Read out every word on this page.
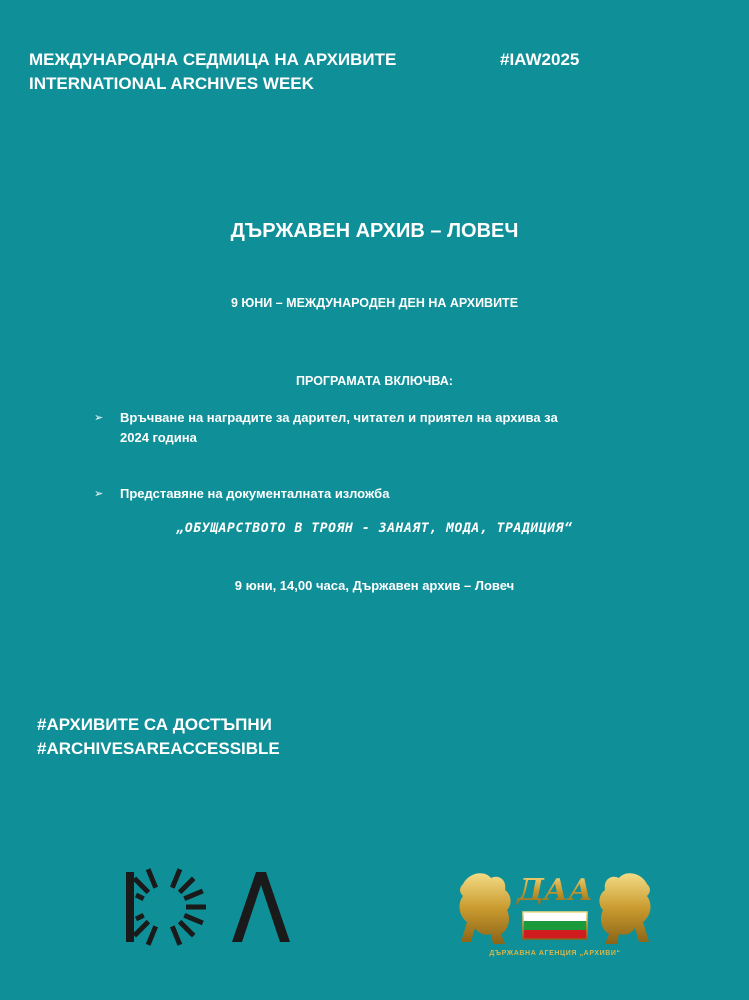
МЕЖДУНАРОДНА СЕДМИЦА НА АРХИВИТЕ
INTERNATIONAL ARCHIVES WEEK
#IAW2025
ДЪРЖАВЕН АРХИВ – ЛОВЕЧ
9 ЮНИ – МЕЖДУНАРОДЕН ДЕН НА АРХИВИТЕ
ПРОГРАМАТА ВКЛЮЧВА:
➢ Връчване на наградите за дарител, читател и приятел на архива за
2024 година
➢ Представяне на документалната изложба
„ОБУЩАРСТВОТО В ТРОЯН - ЗАНАЯТ, МОДА, ТРАДИЦИЯ“
9 юни, 14,00 часа, Държавен архив – Ловеч
#АРХИВИТЕ СА ДОСТЪПНИ
#ARCHIVESAREACCESSIBLE
ICA
ДАА
ДЪРЖАВНА АГЕНЦИЯ „АРХИВИ“
